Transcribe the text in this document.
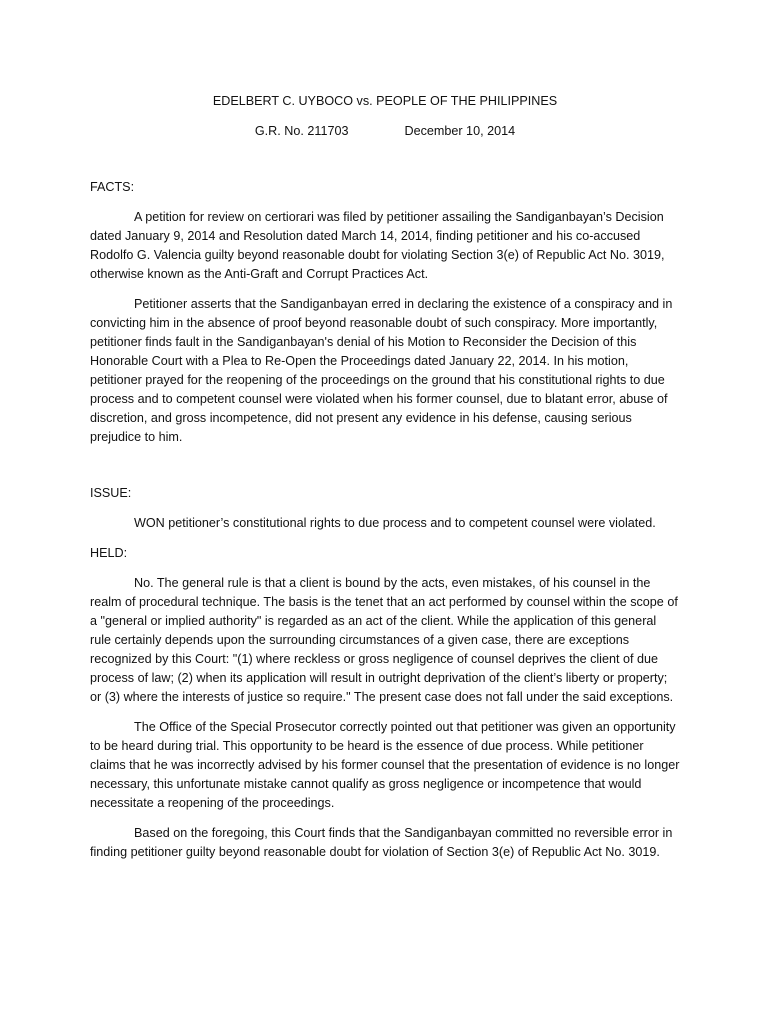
EDELBERT C. UYBOCO vs. PEOPLE OF THE PHILIPPINES

G.R. No. 211703	December 10, 2014

FACTS:

A petition for review on certiorari was filed by petitioner assailing the Sandiganbayan’s Decision dated January 9, 2014 and Resolution dated March 14, 2014, finding petitioner and his co-accused Rodolfo G. Valencia guilty beyond reasonable doubt for violating Section 3(e) of Republic Act No. 3019, otherwise known as the Anti-Graft and Corrupt Practices Act.

Petitioner asserts that the Sandiganbayan erred in declaring the existence of a conspiracy and in convicting him in the absence of proof beyond reasonable doubt of such conspiracy. More importantly, petitioner finds fault in the Sandiganbayan's denial of his Motion to Reconsider the Decision of this Honorable Court with a Plea to Re-Open the Proceedings dated January 22, 2014. In his motion, petitioner prayed for the reopening of the proceedings on the ground that his constitutional rights to due process and to competent counsel were violated when his former counsel, due to blatant error, abuse of discretion, and gross incompetence, did not present any evidence in his defense, causing serious prejudice to him.

ISSUE:

WON petitioner’s constitutional rights to due process and to competent counsel were violated.

HELD:

No. The general rule is that a client is bound by the acts, even mistakes, of his counsel in the realm of procedural technique. The basis is the tenet that an act performed by counsel within the scope of a "general or implied authority" is regarded as an act of the client. While the application of this general rule certainly depends upon the surrounding circumstances of a given case, there are exceptions recognized by this Court: "(1) where reckless or gross negligence of counsel deprives the client of due process of law; (2) when its application will result in outright deprivation of the client’s liberty or property; or (3) where the interests of justice so require." The present case does not fall under the said exceptions.

The Office of the Special Prosecutor correctly pointed out that petitioner was given an opportunity to be heard during trial. This opportunity to be heard is the essence of due process. While petitioner claims that he was incorrectly advised by his former counsel that the presentation of evidence is no longer necessary, this unfortunate mistake cannot qualify as gross negligence or incompetence that would necessitate a reopening of the proceedings.

Based on the foregoing, this Court finds that the Sandiganbayan committed no reversible error in finding petitioner guilty beyond reasonable doubt for violation of Section 3(e) of Republic Act No. 3019.
